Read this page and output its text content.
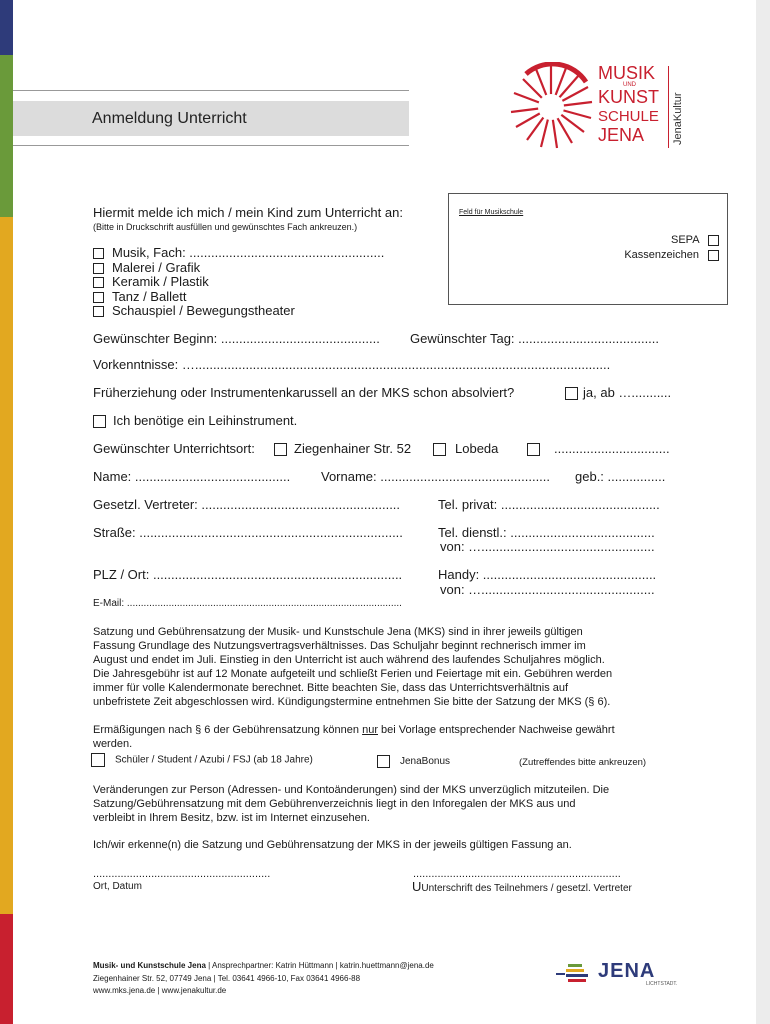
Anmeldung Unterricht
MUSIK
UND
KUNST
SCHULE
JENA	JenaKultur
Hiermit melde ich mich / mein Kind zum Unterricht an:
(Bitte in Druckschrift ausfüllen und gewünschtes Fach ankreuzen.)
Feld für Musikschule
SEPA
Kassenzeichen
Musik, Fach: ......................................................
Malerei / Grafik
Keramik / Plastik
Tanz / Ballett
Schauspiel / Bewegungstheater
Gewünschter Beginn: ............................................ Gewünschter Tag: .......................................
Vorkenntnisse: …...................................................................................................................
Früherziehung oder Instrumentenkarussell an der MKS schon absolviert?	ja, ab …...........
Ich benötige ein Leihinstrument.
Gewünschter Unterrichtsort:	Ziegenhainer Str. 52	Lobeda	................................
Name: ........................................... Vorname: ............................................... geb.: ................
Gesetzl. Vertreter: .......................................................	Tel. privat: ............................................
Straße: .........................................................................	Tel. dienstl.: ........................................
von: …................................................
PLZ / Ort: .....................................................................	Handy: ................................................
von: …................................................
E-Mail: ...................................................................................................
Satzung und Gebührensatzung der Musik- und Kunstschule Jena (MKS) sind in ihrer jeweils gültigen
Fassung Grundlage des Nutzungsvertragsverhältnisses. Das Schuljahr beginnt rechnerisch immer im
August und endet im Juli. Einstieg in den Unterricht ist auch während des laufendes Schuljahres möglich.
Die Jahresgebühr ist auf 12 Monate aufgeteilt und schließt Ferien und Feiertage mit ein. Gebühren werden
immer für volle Kalendermonate berechnet. Bitte beachten Sie, dass das Unterrichtsverhältnis auf
unbefristete Zeit abgeschlossen wird. Kündigungstermine entnehmen Sie bitte der Satzung der MKS (§ 6).
Ermäßigungen nach § 6 der Gebührensatzung können nur bei Vorlage entsprechender Nachweise gewährt
werden.
Schüler / Student / Azubi / FSJ (ab 18 Jahre)	JenaBonus	(Zutreffendes bitte ankreuzen)
Veränderungen zur Person (Adressen- und Kontoänderungen) sind der MKS unverzüglich mitzuteilen. Die
Satzung/Gebührensatzung mit dem Gebührenverzeichnis liegt in den Inforegalen der MKS aus und
verbleibt in Ihrem Besitz, bzw. ist im Internet einzusehen.
Ich/wir erkenne(n) die Satzung und Gebührensatzung der MKS in der jeweils gültigen Fassung an.
..........................................................	....................................................................
Ort, Datum	UUnterschrift des Teilnehmers / gesetzl. Vertreter
Musik- und Kunstschule Jena | Ansprechpartner: Katrin Hüttmann | katrin.huettmann@jena.de
Ziegenhainer Str. 52, 07749 Jena | Tel. 03641 4966-10, Fax 03641 4966-88
www.mks.jena.de | www.jenakultur.de
JENA
LICHTSTADT.
